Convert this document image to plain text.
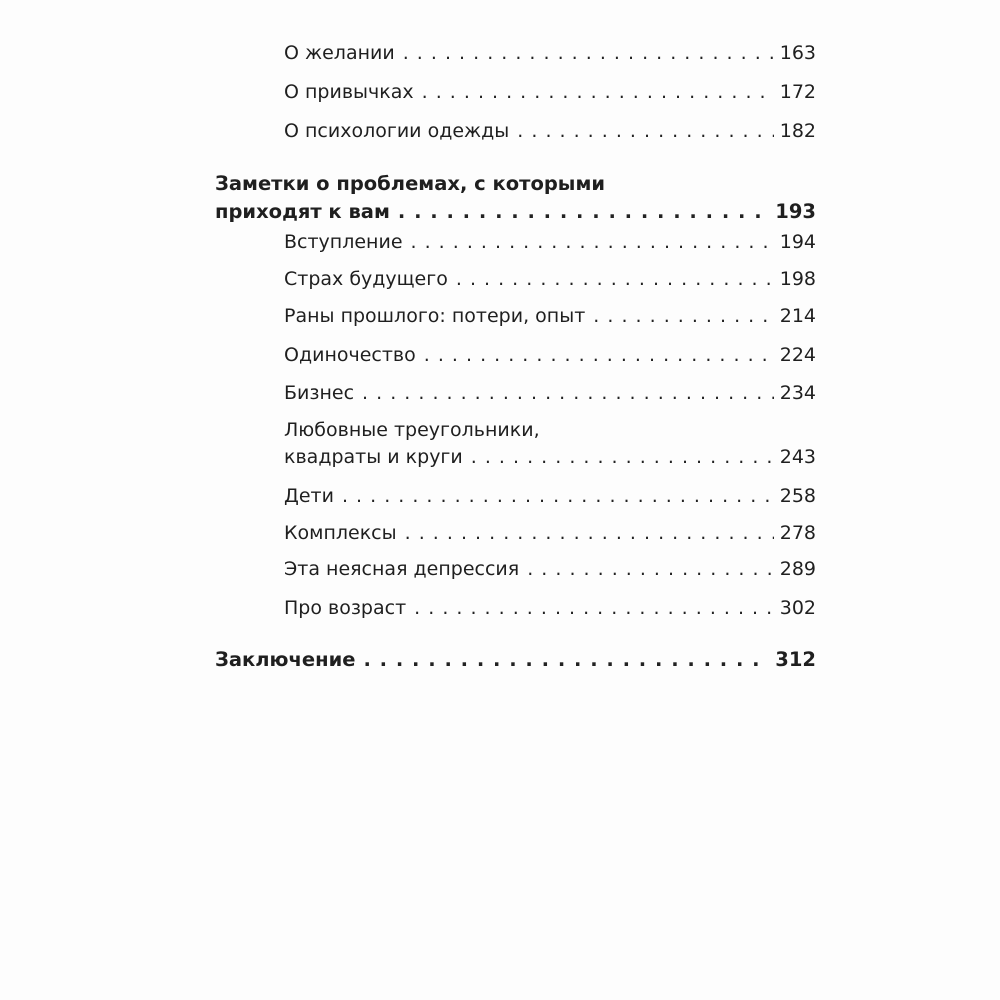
О желании . . .	163
О привычках . . .	172
О психологии одежды . . .	182
Заметки о проблемах, с которыми
приходят к вам . . .	193
Вступление . . .	194
Страх будущего . . .	198
Раны прошлого: потери, опыт . . .	214
Одиночество . . .	224
Бизнес . . .	234
Любовные треугольники,
квадраты и круги . . .	243
Дети . . .	258
Комплексы . . .	278
Эта неясная депрессия . . .	289
Про возраст . . .	302
Заключение . . .	312
